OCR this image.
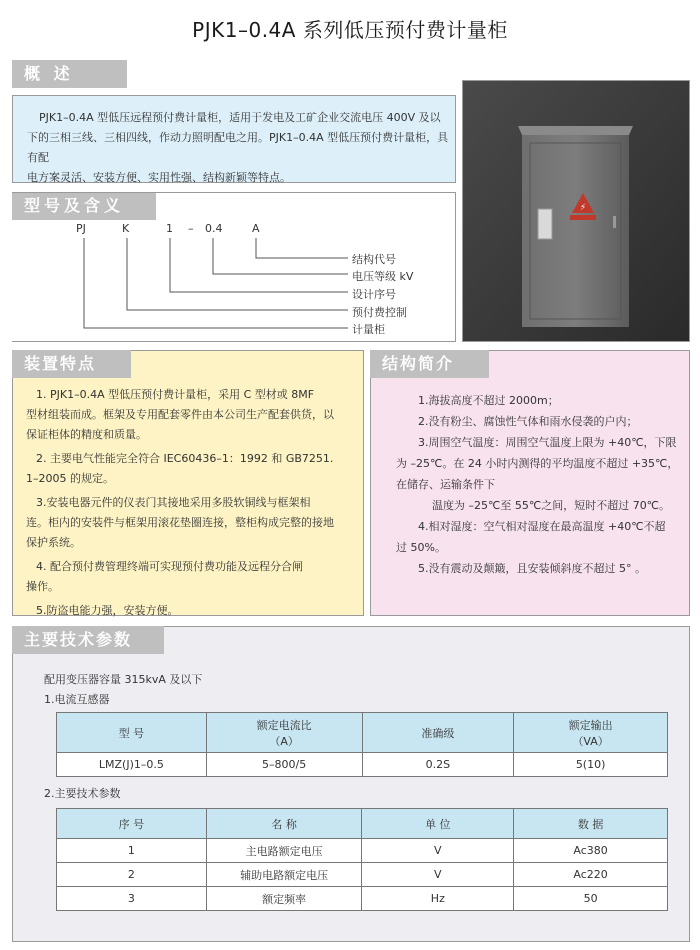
PJK1–0.4A 系列低压预付费计量柜
概 述

PJK1–0.4A 型低压远程预付费计量柜，适用于发电及工矿企业交流电压 400V 及以

下的三相三线、三相四线，作动力照明配电之用。PJK1–0.4A 型低压预付费计量柜，具有配

电方案灵活、安装方便、实用性强、结构新颖等特点。

⚡
型号及含义
PJ	K	1 – 0.4	A
结构代号
电压等级 kV
设计序号
预付费控制
计量柜
装置特点

1. PJK1–0.4A 型低压预付费计量柜，采用 C 型材或 8MF

型材组装而成。框架及专用配套零件由本公司生产配套供货，以

保证柜体的精度和质量。

2. 主要电气性能完全符合 IEC60436–1：1992 和 GB7251.

1–2005 的规定。

3.安装电器元件的仪表门其接地采用多股软铜线与框架相

连。柜内的安装件与框架用滚花垫圈连接，整柜构成完整的接地

保护系统。

4. 配合预付费管理终端可实现预付费功能及远程分合闸

操作。

5.防盗电能力强，安装方便。

结构简介

1.海拔高度不超过 2000m；

2.没有粉尘、腐蚀性气体和雨水侵袭的户内；

3.周围空气温度：周围空气温度上限为 +40℃，下限

为 –25℃。在 24 小时内测得的平均温度不超过 +35℃，

在储存、运输条件下

温度为 –25℃至 55℃之间，短时不超过 70℃。

4.相对湿度：空气相对湿度在最高温度 +40℃不超

过 50%。

5.没有震动及颠簸，且安装倾斜度不超过 5° 。

主要技术参数
配用变压器容量 315kvA 及以下
1.电流互感器
型 号	额定电流比
（A）	准确级	额定输出
（VA）
LMZ(J)1–0.5	5–800/5	0.2S	5(10)
2.主要技术参数
序 号	名 称	单 位	数 据
1	主电路额定电压	V	Ac380
2	辅助电路额定电压	V	Ac220
3	额定频率	Hz	50
